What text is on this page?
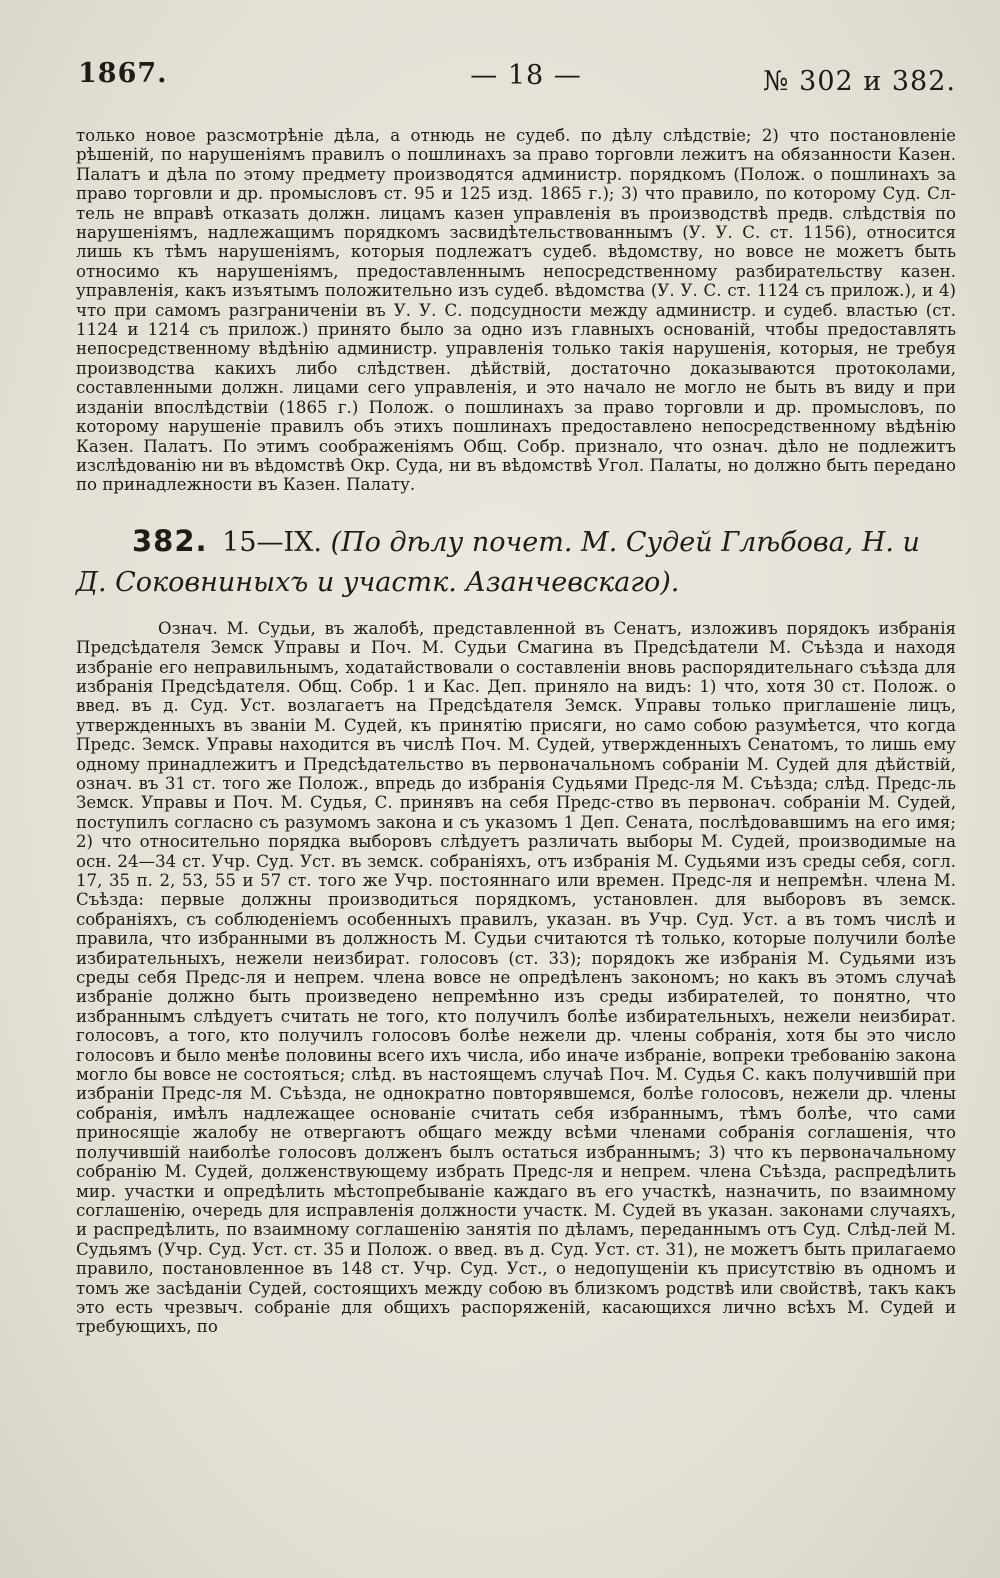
1867.	— 18 —	№ 302 и 382.

только новое разсмотрѣніе дѣла, а отнюдь не судеб. по дѣлу слѣдствіе; 2) что постановленіе рѣшеній, по нарушеніямъ правилъ о пошлинахъ за право торговли лежитъ на обязанности Казен. Палатъ и дѣла по этому предмету производятся администр. порядкомъ (Полож. о пошлинахъ за право торговли и др. промысловъ ст. 95 и 125 изд. 1865 г.); 3) что правило, по которому Суд. Сл-тель не вправѣ отказать должн. лицамъ казен управленія въ производствѣ предв. слѣдствія по нарушеніямъ, надлежащимъ порядкомъ засвидѣтельствованнымъ (У. У. С. ст. 1156), относится лишь къ тѣмъ нарушеніямъ, которыя подлежатъ судеб. вѣдомству, но вовсе не можетъ быть относимо къ нарушеніямъ, предоставленнымъ непосредственному разбирательству казен. управленія, какъ изъятымъ положительно изъ судеб. вѣдомства (У. У. С. ст. 1124 съ прилож.), и 4) что при самомъ разграниченіи въ У. У. С. подсудности между администр. и судеб. властью (ст. 1124 и 1214 съ прилож.) принято было за одно изъ главныхъ основаній, чтобы предоставлять непосредственному вѣдѣнію администр. управленія только такія нарушенія, которыя, не требуя производства какихъ либо слѣдствен. дѣйствій, достаточно доказываются протоколами, составленными должн. лицами сего управленія, и это начало не могло не быть въ виду и при изданіи впослѣдствіи (1865 г.) Полож. о пошлинахъ за право торговли и др. промысловъ, по которому нарушеніе правилъ объ этихъ пошлинахъ предоставлено непосредственному вѣдѣнію Казен. Палатъ. По этимъ соображеніямъ Общ. Собр. признало, что означ. дѣло не подлежитъ изслѣдованію ни въ вѣдомствѣ Окр. Суда, ни въ вѣдомствѣ Угол. Палаты, но должно быть передано по принадлежности въ Казен. Палату.

382. 15—IX. (По дѣлу почет. М. Судей Глѣбова, Н. и Д. Соковниныхъ и участк. Азанчевскаго).

Означ. М. Судьи, въ жалобѣ, представленной въ Сенатъ, изложивъ порядокъ избранія Предсѣдателя Земск Управы и Поч. М. Судьи Смагина въ Предсѣдатели М. Съѣзда и находя избраніе его неправильнымъ, ходатайствовали о составленіи вновь распорядительнаго съѣзда для избранія Предсѣдателя. Общ. Собр. 1 и Кас. Деп. приняло на видъ: 1) что, хотя 30 ст. Полож. о введ. въ д. Суд. Уст. возлагаетъ на Предсѣдателя Земск. Управы только приглашеніе лицъ, утвержденныхъ въ званіи М. Судей, къ принятію присяги, но само собою разумѣется, что когда Предс. Земск. Управы находится въ числѣ Поч. М. Судей, утвержденныхъ Сенатомъ, то лишь ему одному принадлежитъ и Предсѣдательство въ первоначальномъ собраніи М. Судей для дѣйствій, означ. въ 31 ст. того же Полож., впредь до избранія Судьями Предс-ля М. Съѣзда; слѣд. Предс-ль Земск. Управы и Поч. М. Судья, С. принявъ на себя Предс-ство въ первонач. собраніи М. Судей, поступилъ согласно съ разумомъ закона и съ указомъ 1 Деп. Сената, послѣдовавшимъ на его имя; 2) что относительно порядка выборовъ слѣдуетъ различать выборы М. Судей, производимые на осн. 24—34 ст. Учр. Суд. Уст. въ земск. собраніяхъ, отъ избранія М. Судьями изъ среды себя, согл. 17, 35 п. 2, 53, 55 и 57 ст. того же Учр. постояннаго или времен. Предс-ля и непремѣн. члена М. Съѣзда: первые должны производиться порядкомъ, установлен. для выборовъ въ земск. собраніяхъ, съ соблюденіемъ особенныхъ правилъ, указан. въ Учр. Суд. Уст. а въ томъ числѣ и правила, что избранными въ должность М. Судьи считаются тѣ только, которые получили болѣе избирательныхъ, нежели неизбират. голосовъ (ст. 33); порядокъ же избранія М. Судьями изъ среды себя Предс-ля и непрем. члена вовсе не опредѣленъ закономъ; но какъ въ этомъ случаѣ избраніе должно быть произведено непремѣнно изъ среды избирателей, то понятно, что избраннымъ слѣдуетъ считать не того, кто получилъ болѣе избирательныхъ, нежели неизбират. голосовъ, а того, кто получилъ голосовъ болѣе нежели др. члены собранія, хотя бы это число голосовъ и было менѣе половины всего ихъ числа, ибо иначе избраніе, вопреки требованію закона могло бы вовсе не состояться; слѣд. въ настоящемъ случаѣ Поч. М. Судья С. какъ получившій при избраніи Предс-ля М. Съѣзда, не однократно повторявшемся, болѣе голосовъ, нежели др. члены собранія, имѣлъ надлежащее основаніе считать себя избраннымъ, тѣмъ болѣе, что сами приносящіе жалобу не отвергаютъ общаго между всѣми членами собранія соглашенія, что получившій наиболѣе голосовъ долженъ былъ остаться избраннымъ; 3) что къ первоначальному собранію М. Судей, долженствующему избрать Предс-ля и непрем. члена Съѣзда, распредѣлить мир. участки и опредѣлить мѣстопребываніе каждаго въ его участкѣ, назначить, по взаимному соглашенію, очередь для исправленія должности участк. М. Судей въ указан. законами случаяхъ, и распредѣлить, по взаимному соглашенію занятія по дѣламъ, переданнымъ отъ Суд. Слѣд-лей М. Судьямъ (Учр. Суд. Уст. ст. 35 и Полож. о введ. въ д. Суд. Уст. ст. 31), не можетъ быть прилагаемо правило, постановленное въ 148 ст. Учр. Суд. Уст., о недопущеніи къ присутствію въ одномъ и томъ же засѣданіи Судей, состоящихъ между собою въ близкомъ родствѣ или свойствѣ, такъ какъ это есть чрезвыч. собраніе для общихъ распоряженій, касающихся лично всѣхъ М. Судей и требующихъ, по
